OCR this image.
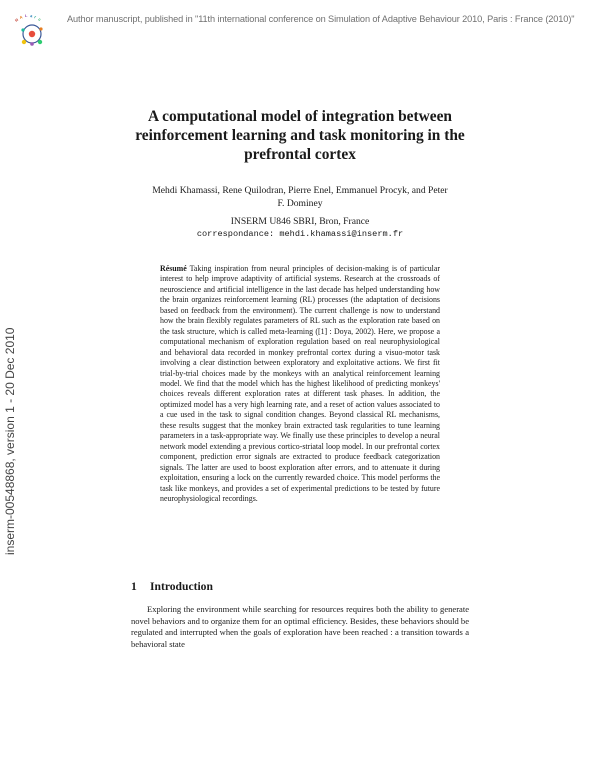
Author manuscript, published in "11th international conference on Simulation of Adaptive Behaviour 2010, Paris : France (2010)"
H A L a r c
inserm-00548868, version 1 - 20 Dec 2010
A computational model of integration between reinforcement learning and task monitoring in the prefrontal cortex
Mehdi Khamassi, Rene Quilodran, Pierre Enel, Emmanuel Procyk, and Peter F. Dominey
INSERM U846 SBRI, Bron, France
correspondance: mehdi.khamassi@inserm.fr
Résumé Taking inspiration from neural principles of decision-making is of particular interest to help improve adaptivity of artificial systems. Research at the crossroads of neuroscience and artificial intelligence in the last decade has helped understanding how the brain organizes reinforcement learning (RL) processes (the adaptation of decisions based on feedback from the environment). The current challenge is now to understand how the brain flexibly regulates parameters of RL such as the exploration rate based on the task structure, which is called meta-learning ([1] : Doya, 2002). Here, we propose a computational mechanism of exploration regulation based on real neurophysiological and behavioral data recorded in monkey prefrontal cortex during a visuo-motor task involving a clear distinction between exploratory and exploitative actions. We first fit trial-by-trial choices made by the monkeys with an analytical reinforcement learning model. We find that the model which has the highest likelihood of predicting monkeys' choices reveals different exploration rates at different task phases. In addition, the optimized model has a very high learning rate, and a reset of action values associated to a cue used in the task to signal condition changes. Beyond classical RL mechanisms, these results suggest that the monkey brain extracted task regularities to tune learning parameters in a task-appropriate way. We finally use these principles to develop a neural network model extending a previous cortico-striatal loop model. In our prefrontal cortex component, prediction error signals are extracted to produce feedback categorization signals. The latter are used to boost exploration after errors, and to attenuate it during exploitation, ensuring a lock on the currently rewarded choice. This model performs the task like monkeys, and provides a set of experimental predictions to be tested by future neurophysiological recordings.
1 Introduction
Exploring the environment while searching for resources requires both the ability to generate novel behaviors and to organize them for an optimal efficiency. Besides, these behaviors should be regulated and interrupted when the goals of exploration have been reached : a transition towards a behavioral state
